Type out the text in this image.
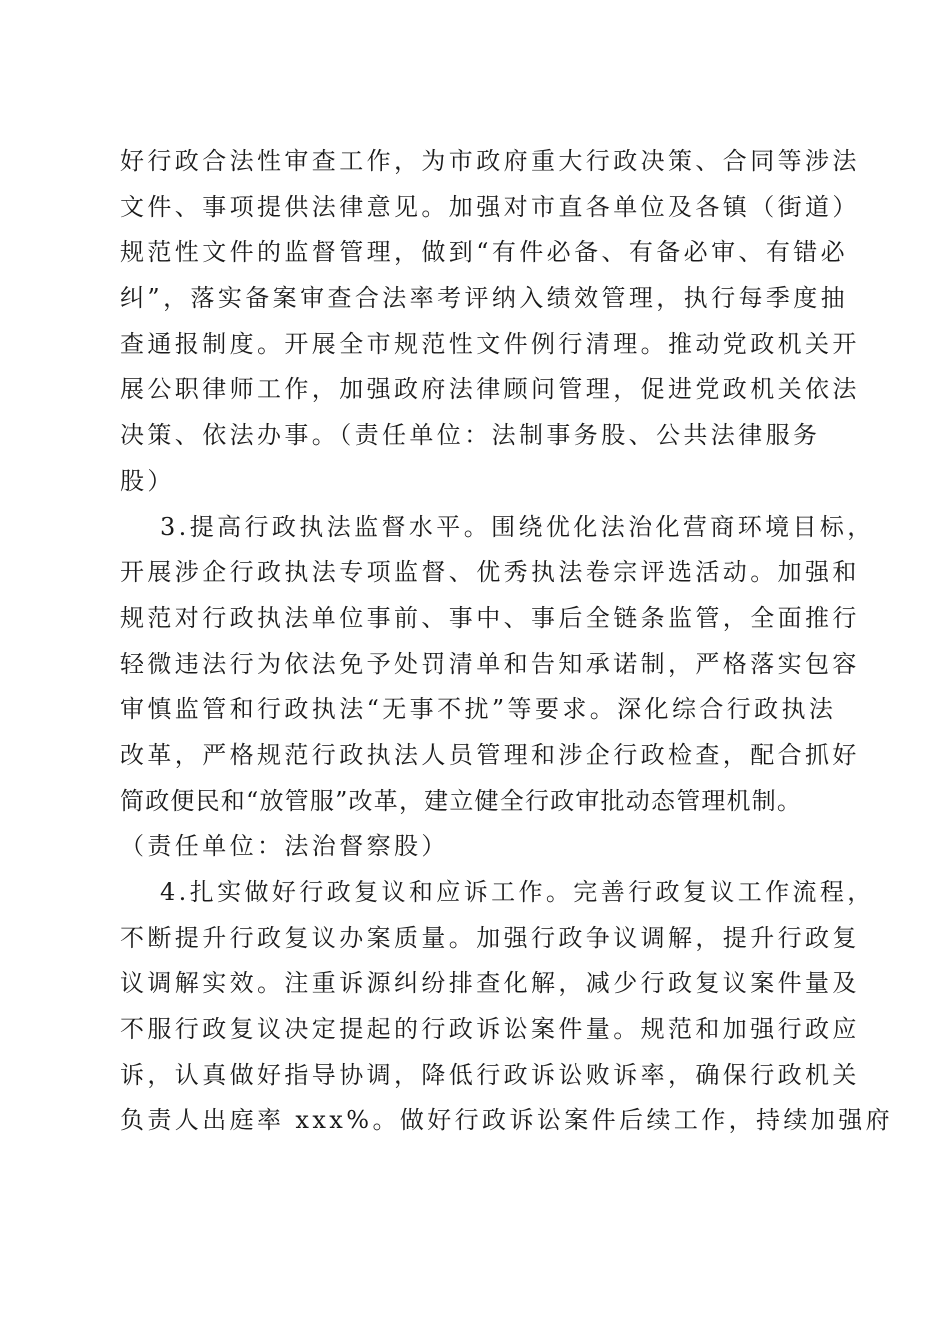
好行政合法性审查工作，为市政府重大行政决策、合同等涉法
文件、事项提供法律意见。加强对市直各单位及各镇（街道）
规范性文件的监督管理，做到“有件必备、有备必审、有错必
纠”，落实备案审查合法率考评纳入绩效管理，执行每季度抽
查通报制度。开展全市规范性文件例行清理。推动党政机关开
展公职律师工作，加强政府法律顾问管理，促进党政机关依法
决策、依法办事。（责任单位：法制事务股、公共法律服务
股）
3.提高行政执法监督水平。围绕优化法治化营商环境目标，
开展涉企行政执法专项监督、优秀执法卷宗评选活动。加强和
规范对行政执法单位事前、事中、事后全链条监管，全面推行
轻微违法行为依法免予处罚清单和告知承诺制，严格落实包容
审慎监管和行政执法“无事不扰”等要求。深化综合行政执法
改革，严格规范行政执法人员管理和涉企行政检查，配合抓好
简政便民和“放管服”改革，建立健全行政审批动态管理机制。
（责任单位：法治督察股）
4.扎实做好行政复议和应诉工作。完善行政复议工作流程，
不断提升行政复议办案质量。加强行政争议调解，提升行政复
议调解实效。注重诉源纠纷排查化解，减少行政复议案件量及
不服行政复议决定提起的行政诉讼案件量。规范和加强行政应
诉，认真做好指导协调，降低行政诉讼败诉率，确保行政机关
负责人出庭率 xxx%。做好行政诉讼案件后续工作，持续加强府
